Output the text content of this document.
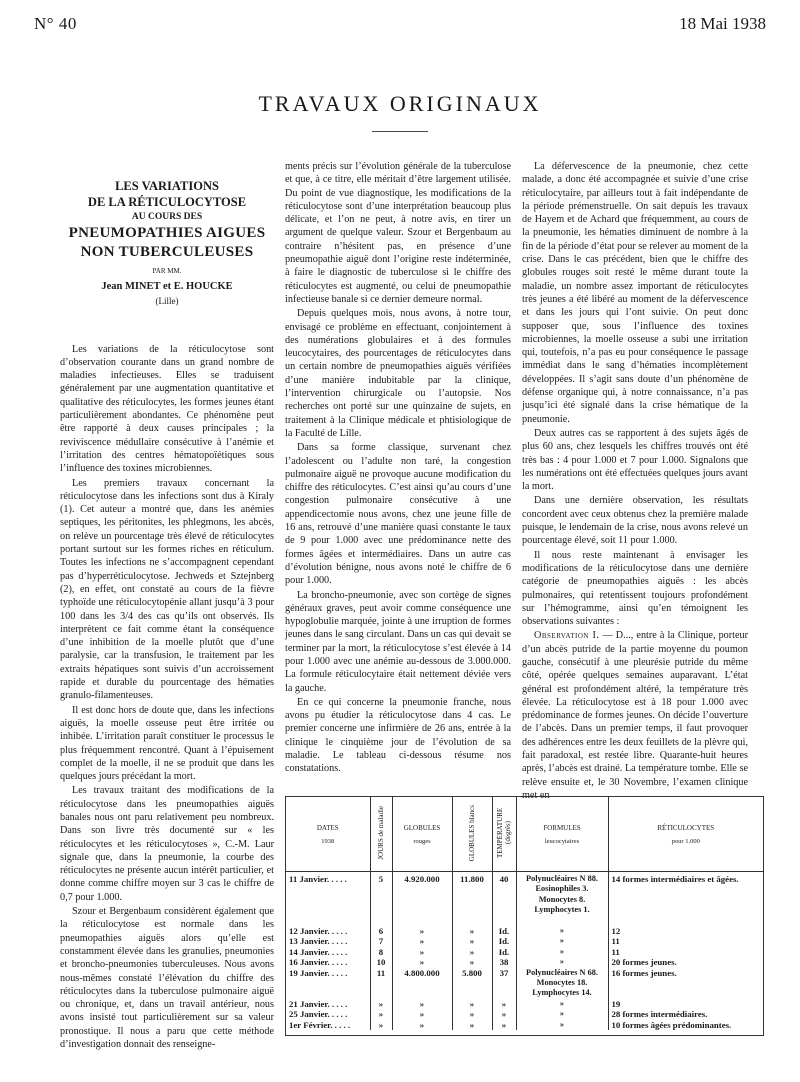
N° 40	18 Mai 1938
TRAVAUX ORIGINAUX
LES VARIATIONS
DE LA RÉTICULOCYTOSE
AU COURS DES
PNEUMOPATHIES AIGUES
NON TUBERCULEUSES
PAR MM.
Jean MINET et E. HOUCKE
(Lille)

Les variations de la réticulocytose sont d’observation courante dans un grand nombre de maladies infectieuses. Elles se traduisent généralement par une augmentation quantitative et qualitative des réticulocytes, les formes jeunes étant particulièrement abondantes. Ce phénomène peut être rapporté à deux causes principales ; la reviviscence médullaire consécutive à l’anémie et l’irritation des centres hématopoïétiques sous l’influence des toxines microbiennes.

Les premiers travaux concernant la réticulocytose dans les infections sont dus à Kiraly (1). Cet auteur a montré que, dans les anémies septiques, les péritonites, les phlegmons, les abcès, on relève un pourcentage très élevé de réticulocytes portant surtout sur les formes riches en réticulum. Toutes les infections ne s’accompagnent cependant pas d’hyperréticulocytose. Jechweds et Sztejnberg (2), en effet, ont constaté au cours de la fièvre typhoïde une réticulocytopénie allant jusqu’à 3 pour 100 dans les 3/4 des cas qu’ils ont observés. Ils interprètent ce fait comme étant la conséquence d’une inhibition de la moelle plutôt que d’une paralysie, car la transfusion, le traitement par les extraits hépatiques sont suivis d’un accroissement rapide et durable du pourcentage des hématies granulo-filamenteuses.

Il est donc hors de doute que, dans les infections aiguës, la moelle osseuse peut être irritée ou inhibée. L’irritation paraît constituer le processus le plus fréquemment rencontré. Quant à l’épuisement complet de la moelle, il ne se produit que dans les quelques jours précédant la mort.

Les travaux traitant des modifications de la réticulocytose dans les pneumopathies aiguës banales nous ont paru relativement peu nombreux. Dans son livre très documenté sur « les réticulocytes et les réticulocytoses », C.-M. Laur signale que, dans la pneumonie, la courbe des réticulocytes ne présente aucun intérêt particulier, et donne comme chiffre moyen sur 3 cas le chiffre de 0,7 pour 1.000.

Szour et Bergenbaum considèrent également que la réticulocytose est normale dans les pneumopathies aiguës alors qu’elle est constamment élevée dans les granulies, pneumonies et broncho-pneumonies tuberculeuses. Nous avons nous-mêmes constaté l’élévation du chiffre des réticulocytes dans la tuberculose pulmonaire aiguë ou chronique, et, dans un travail antérieur, nous avons insisté tout particulièrement sur sa valeur pronostique. Il nous a paru que cette méthode d’investigation donnait des renseigne-

ments précis sur l’évolution générale de la tuberculose et que, à ce titre, elle méritait d’être largement utilisée. Du point de vue diagnostique, les modifications de la réticulocytose sont d’une interprétation beaucoup plus délicate, et l’on ne peut, à notre avis, en tirer un argument de quelque valeur. Szour et Bergenbaum au contraire n’hésitent pas, en présence d’une pneumopathie aiguë dont l’origine reste indéterminée, à faire le diagnostic de tuberculose si le chiffre des réticulocytes est augmenté, ou celui de pneumopathie infectieuse banale si ce dernier demeure normal.

Depuis quelques mois, nous avons, à notre tour, envisagé ce problème en effectuant, conjointement à des numérations globulaires et à des formules leucocytaires, des pourcentages de réticulocytes dans un certain nombre de pneumopathies aiguës vérifiées d’une manière indubitable par la clinique, l’intervention chirurgicale ou l’autopsie. Nos recherches ont porté sur une quinzaine de sujets, en traitement à la Clinique médicale et phtisiologique de la Faculté de Lille.

Dans sa forme classique, survenant chez l’adolescent ou l’adulte non taré, la congestion pulmonaire aiguë ne provoque aucune modification du chiffre des réticulocytes. C’est ainsi qu’au cours d’une congestion pulmonaire consécutive à une appendicectomie nous avons, chez une jeune fille de 16 ans, retrouvé d’une manière quasi constante le taux de 9 pour 1.000 avec une prédominance nette des formes âgées et intermédiaires. Dans un autre cas d’évolution bénigne, nous avons noté le chiffre de 6 pour 1.000.

La broncho-pneumonie, avec son cortège de signes généraux graves, peut avoir comme conséquence une hypoglobulie marquée, jointe à une irruption de formes jeunes dans le sang circulant. Dans un cas qui devait se terminer par la mort, la réticulocytose s’est élevée à 14 pour 1.000 avec une anémie au-dessous de 3.000.000. La formule réticulocytaire était nettement déviée vers la gauche.

En ce qui concerne la pneumonie franche, nous avons pu étudier la réticulocytose dans 4 cas. Le premier concerne une infirmière de 26 ans, entrée à la clinique le cinquième jour de l’évolution de sa maladie. Le tableau ci-dessous résume nos constatations.

La défervescence de la pneumonie, chez cette malade, a donc été accompagnée et suivie d’une crise réticulocytaire, par ailleurs tout à fait indépendante de la période prémenstruelle. On sait depuis les travaux de Hayem et de Achard que fréquemment, au cours de la pneumonie, les hématies diminuent de nombre à la fin de la période d’état pour se relever au moment de la crise. Dans le cas précédent, bien que le chiffre des globules rouges soit resté le même durant toute la maladie, un nombre assez important de réticulocytes très jeunes a été libéré au moment de la défervescence et dans les jours qui l’ont suivie. On peut donc supposer que, sous l’influence des toxines microbiennes, la moelle osseuse a subi une irritation qui, toutefois, n’a pas eu pour conséquence le passage immédiat dans le sang d’hématies incomplètement développées. Il s’agit sans doute d’un phénomène de défense organique qui, à notre connaissance, n’a pas jusqu’ici été signalé dans la crise hématique de la pneumonie.

Deux autres cas se rapportent à des sujets âgés de plus 60 ans, chez lesquels les chiffres trouvés ont été très bas : 4 pour 1.000 et 7 pour 1.000. Signalons que les numérations ont été effectuées quelques jours avant la mort.

Dans une dernière observation, les résultats concordent avec ceux obtenus chez la première malade puisque, le lendemain de la crise, nous avons relevé un pourcentage élevé, soit 11 pour 1.000.

Il nous reste maintenant à envisager les modifications de la réticulocytose dans une dernière catégorie de pneumopathies aiguës : les abcès pulmonaires, qui retentissent toujours profondément sur l’hémogramme, ainsi qu’en témoignent les observations suivantes :

Observation I. — D..., entre à la Clinique, porteur d’un abcès putride de la partie moyenne du poumon gauche, consécutif à une pleurésie putride du même côté, opérée quelques semaines auparavant. L’état général est profondément altéré, la température très élevée. La réticulocytose est à 18 pour 1.000 avec prédominance de formes jeunes. On décide l’ouverture de l’abcès. Dans un premier temps, il faut provoquer des adhérences entre les deux feuillets de la plèvre qui, fait paradoxal, est restée libre. Quarante-huit heures après, l’abcès est drainé. La température tombe. Elle se relève ensuite et, le 30 Novembre, l’examen clinique met en

DATES
1938	JOURS de maladie	GLOBULES
rouges	GLOBULES blancs	TEMPÉRATURE (degrés)	FORMULES
leucocytaires	RÉTICULOCYTES
pour 1.000

11 Janvier. . . . .	5	4.920.000	11.800	40	Polynucléaires N 88.	14 formes intermédiaires et âgées.
					Eosinophiles 3.	
					Monocytes 8.	
					Lymphocytes 1.	

12 Janvier. . . . .	6	»	»	Id.	»	12
13 Janvier. . . . .	7	»	»	Id.	»	11
14 Janvier. . . . .	8	»	»	Id.	»	11
16 Janvier. . . . .	10	»	»	38	»	20 formes jeunes.
19 Janvier. . . . .	11	4.800.000	5.800	37	Polynucléaires N 68.	16 formes jeunes.
					Monocytes 18.	
					Lymphocytes 14.	
21 Janvier. . . . .	»	»	»	»	»	19
25 Janvier. . . . .	»	»	»	»	»	28 formes intermédiaires.
1er Février. . . . .	»	»	»	»	»	10 formes âgées prédominantes.
